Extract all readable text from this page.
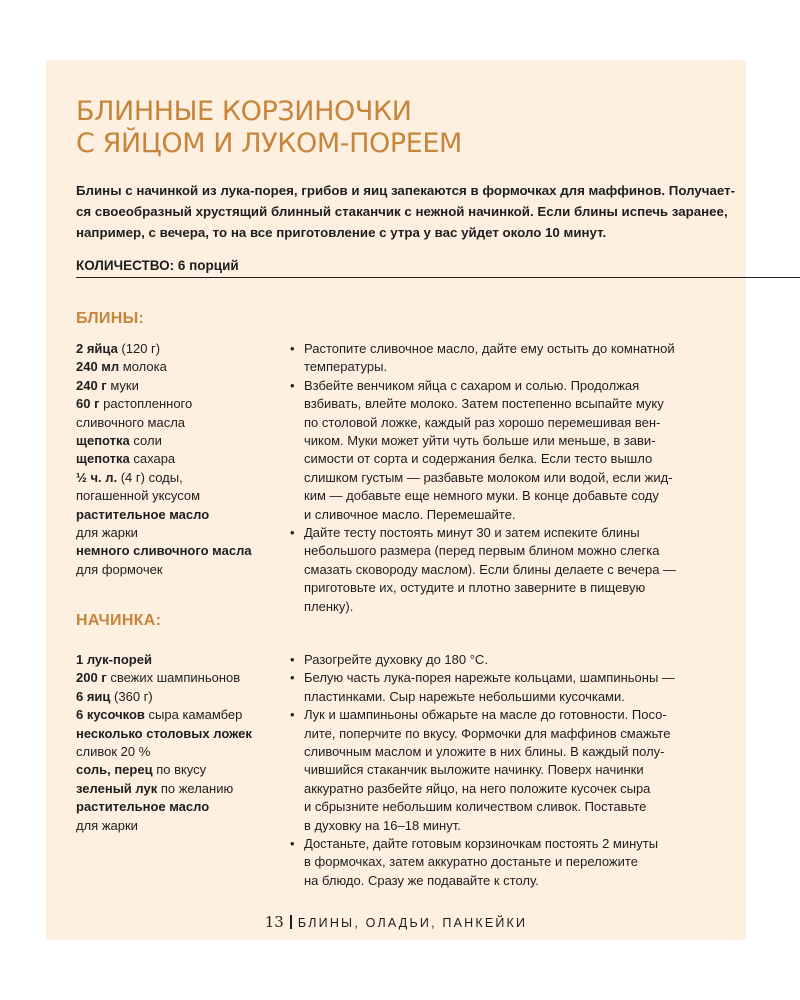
БЛИННЫЕ КОРЗИНОЧКИ
С ЯЙЦОМ И ЛУКОМ-ПОРЕЕМ

Блины с начинкой из лука-порея, грибов и яиц запекаются в формочках для маффинов. Получает-
ся своеобразный хрустящий блинный стаканчик с нежной начинкой. Если блины испечь заранее,
например, с вечера, то на все приготовление с утра у вас уйдет около 10 минут.

КОЛИЧЕСТВО: 6 порций
БЛИНЫ:
2 яйца (120 г)
240 мл молока
240 г муки
60 г растопленного
сливочного масла
щепотка соли
щепотка сахара
½ ч. л. (4 г) соды,
погашенной уксусом
растительное масло
для жарки
немного сливочного масла
для формочек
• Растопите сливочное масло, дайте ему остыть до комнатной
температуры.
• Взбейте венчиком яйца с сахаром и солью. Продолжая
взбивать, влейте молоко. Затем постепенно всыпайте муку
по столовой ложке, каждый раз хорошо перемешивая вен-
чиком. Муки может уйти чуть больше или меньше, в зави-
симости от сорта и содержания белка. Если тесто вышло
слишком густым — разбавьте молоком или водой, если жид-
ким — добавьте еще немного муки. В конце добавьте соду
и сливочное масло. Перемешайте.
• Дайте тесту постоять минут 30 и затем испеките блины
небольшого размера (перед первым блином можно слегка
смазать сковороду маслом). Если блины делаете с вечера —
приготовьте их, остудите и плотно заверните в пищевую
пленку).
НАЧИНКА:
1 лук-порей
200 г свежих шампиньонов
6 яиц (360 г)
6 кусочков сыра камамбер
несколько столовых ложек
сливок 20 %
соль, перец по вкусу
зеленый лук по желанию
растительное масло
для жарки
• Разогрейте духовку до 180 °С.
• Белую часть лука-порея нарежьте кольцами, шампиньоны —
пластинками. Сыр нарежьте небольшими кусочками.
• Лук и шампиньоны обжарьте на масле до готовности. Посо-
лите, поперчите по вкусу. Формочки для маффинов смажьте
сливочным маслом и уложите в них блины. В каждый полу-
чившийся стаканчик выложите начинку. Поверх начинки
аккуратно разбейте яйцо, на него положите кусочек сыра
и сбрызните небольшим количеством сливок. Поставьте
в духовку на 16–18 минут.
• Достаньте, дайте готовым корзиночкам постоять 2 минуты
в формочках, затем аккуратно достаньте и переложите
на блюдо. Сразу же подавайте к столу.
13 БЛИНЫ, ОЛАДЬИ, ПАНКЕЙКИ
